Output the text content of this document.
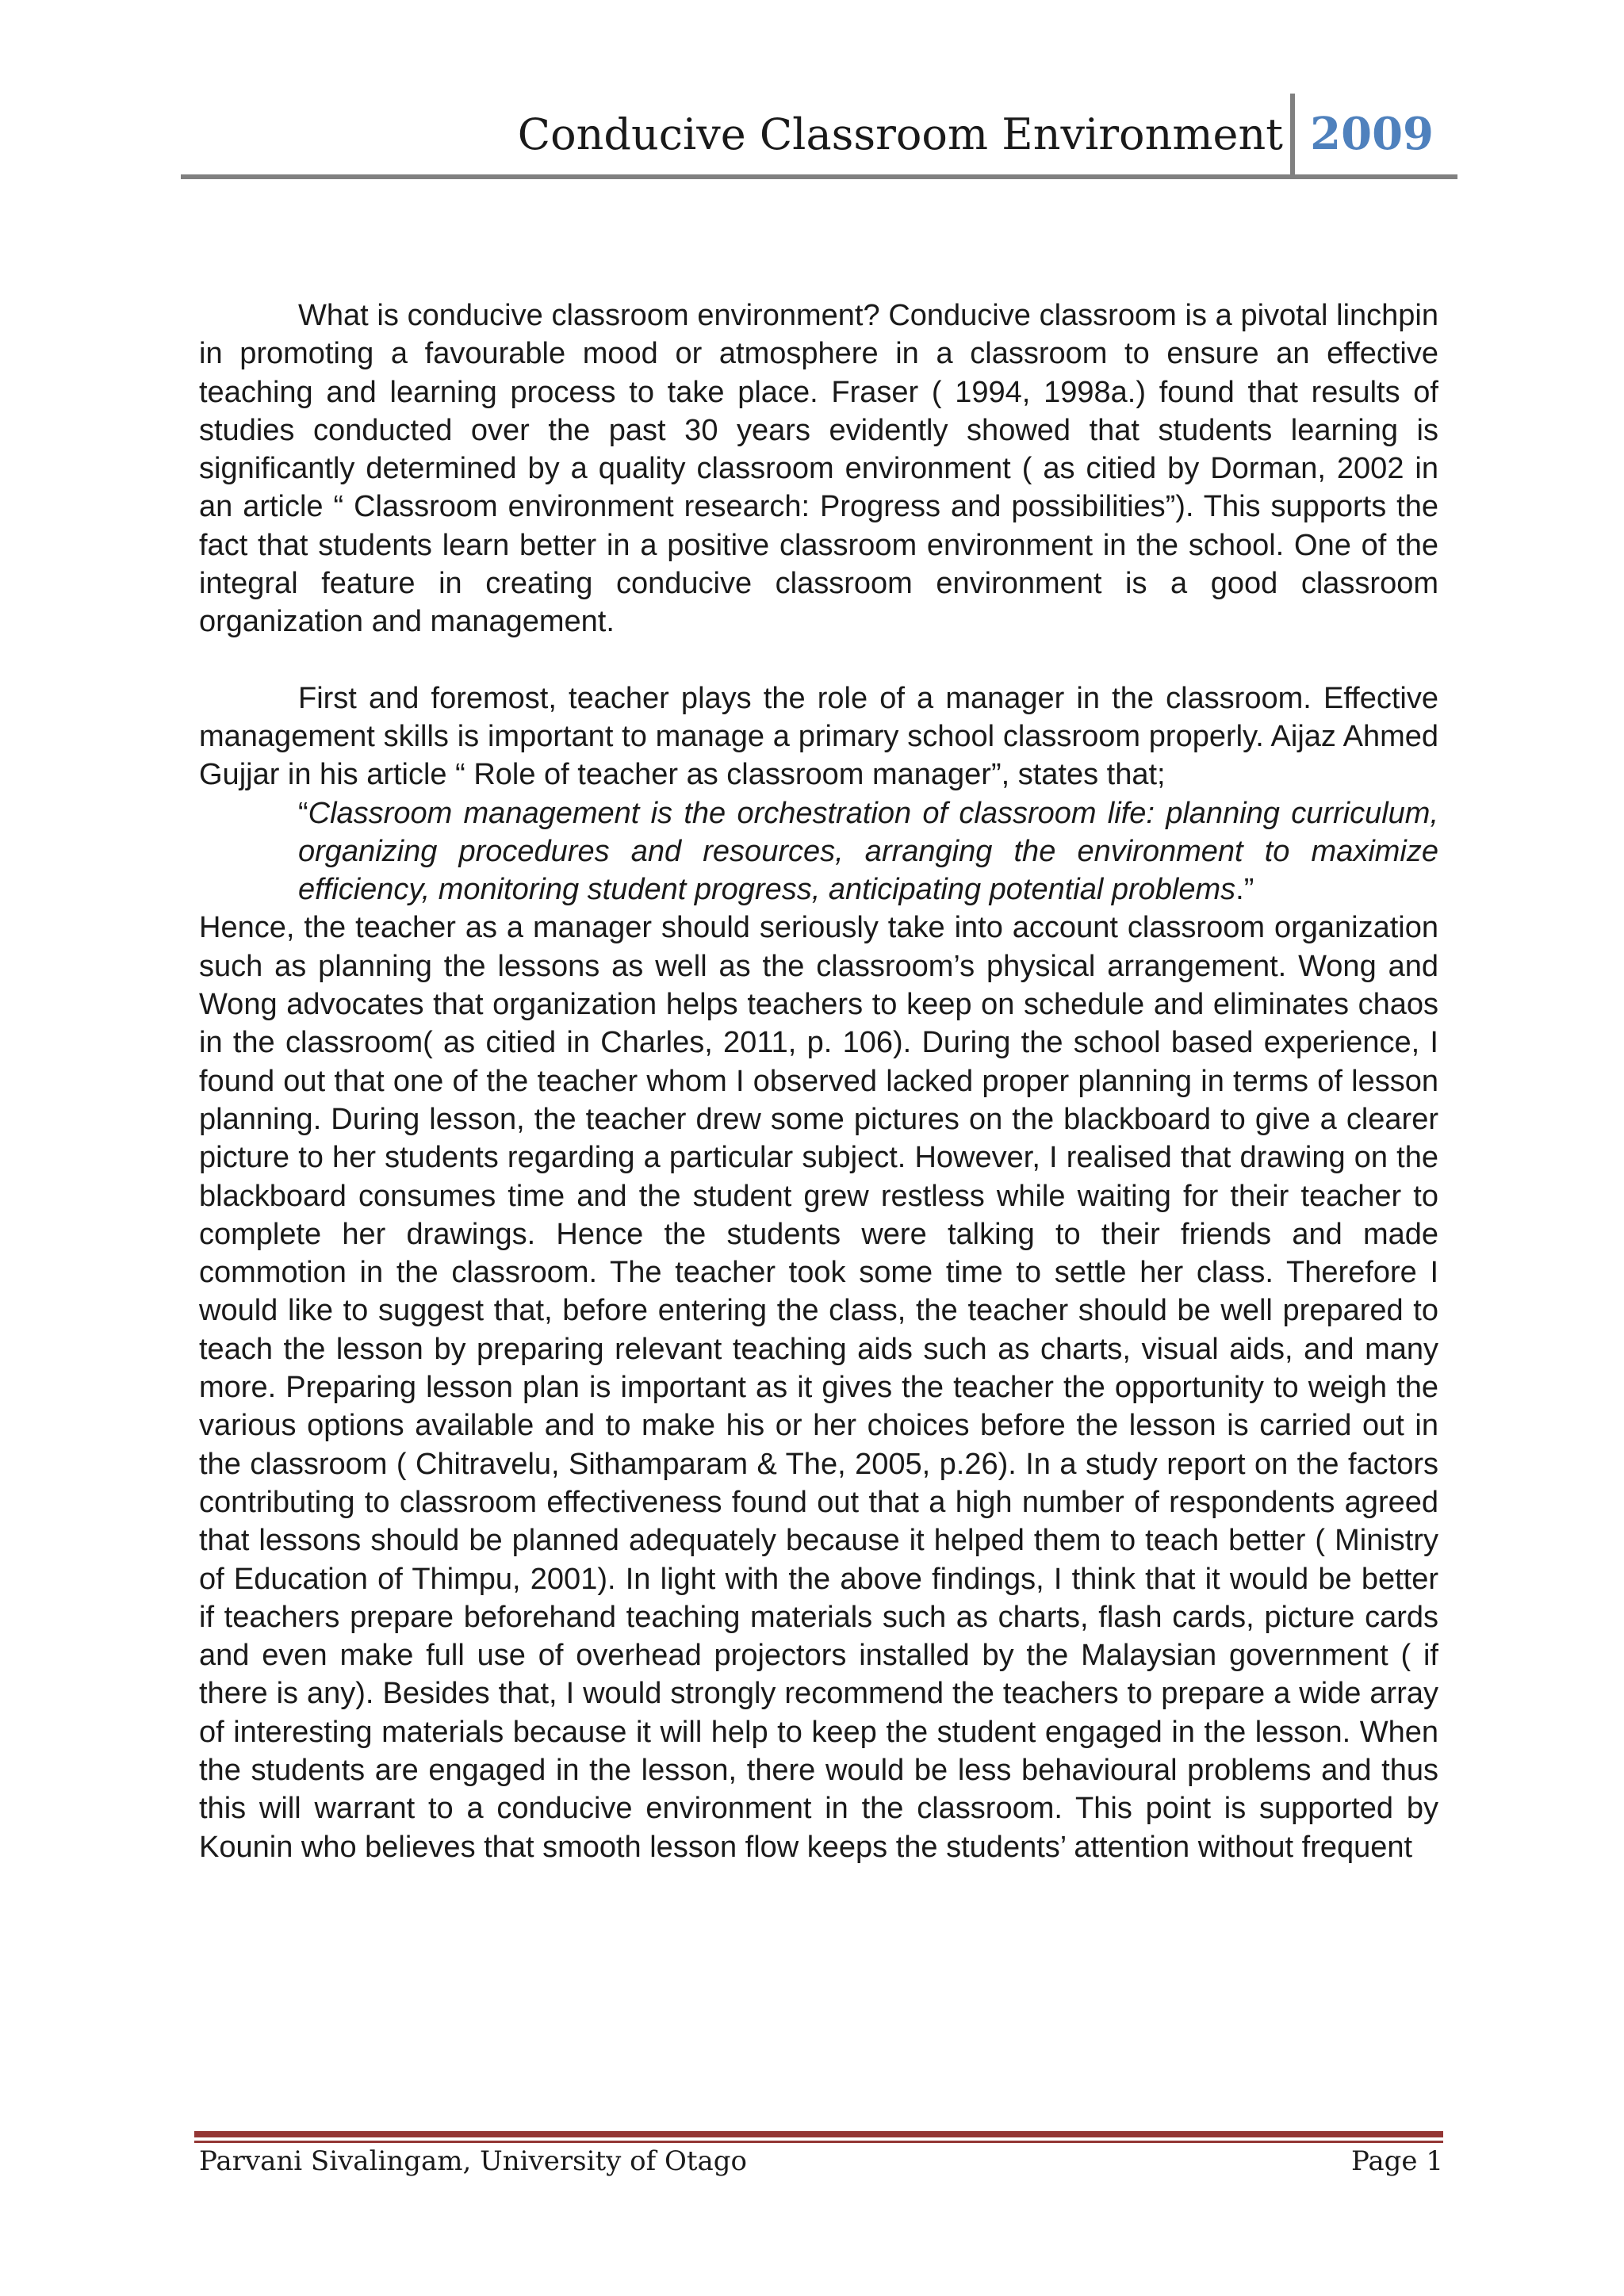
Conducive Classroom Environment 2009

What is conducive classroom environment? Conducive classroom is a pivotal linchpin in promoting a favourable mood or atmosphere in a classroom to ensure an effective teaching and learning process to take place. Fraser ( 1994, 1998a.) found that results of studies conducted over the past 30 years evidently showed that students learning is significantly determined by a quality classroom environment ( as citied by Dorman, 2002 in an article “ Classroom environment research: Progress and possibilities”). This supports the fact that students learn better in a positive classroom environment in the school. One of the integral feature in creating conducive classroom environment is a good classroom organization and management.

First and foremost, teacher plays the role of a manager in the classroom. Effective management skills is important to manage a primary school classroom properly. Aijaz Ahmed Gujjar in his article “ Role of teacher as classroom manager”, states that;

“Classroom management is the orchestration of classroom life: planning curriculum, organizing procedures and resources, arranging the environment to maximize efficiency, monitoring student progress, anticipating potential problems.”

Hence, the teacher as a manager should seriously take into account classroom organization such as planning the lessons as well as the classroom’s physical arrangement. Wong and Wong advocates that organization helps teachers to keep on schedule and eliminates chaos in the classroom( as citied in Charles, 2011, p. 106). During the school based experience, I found out that one of the teacher whom I observed lacked proper planning in terms of lesson planning. During lesson, the teacher drew some pictures on the blackboard to give a clearer picture to her students regarding a particular subject. However, I realised that drawing on the blackboard consumes time and the student grew restless while waiting for their teacher to complete her drawings. Hence the students were talking to their friends and made commotion in the classroom. The teacher took some time to settle her class. Therefore I would like to suggest that, before entering the class, the teacher should be well prepared to teach the lesson by preparing relevant teaching aids such as charts, visual aids, and many more. Preparing lesson plan is important as it gives the teacher the opportunity to weigh the various options available and to make his or her choices before the lesson is carried out in the classroom ( Chitravelu, Sithamparam & The, 2005, p.26). In a study report on the factors contributing to classroom effectiveness found out that a high number of respondents agreed that lessons should be planned adequately because it helped them to teach better ( Ministry of Education of Thimpu, 2001). In light with the above findings, I think that it would be better if teachers prepare beforehand teaching materials such as charts, flash cards, picture cards and even make full use of overhead projectors installed by the Malaysian government ( if there is any). Besides that, I would strongly recommend the teachers to prepare a wide array of interesting materials because it will help to keep the student engaged in the lesson. When the students are engaged in the lesson, there would be less behavioural problems and thus this will warrant to a conducive environment in the classroom. This point is supported by Kounin who believes that smooth lesson flow keeps the students’ attention without frequent

Parvani Sivalingam, University of Otago	Page 1
